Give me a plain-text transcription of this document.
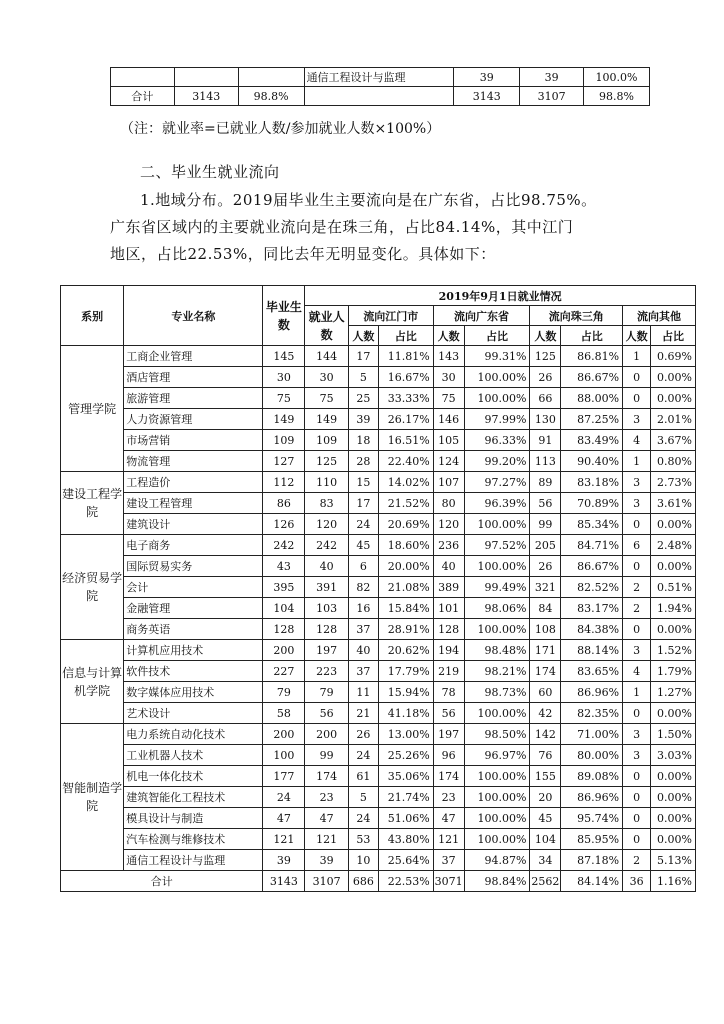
			通信工程设计与监理	39	39	100.0%
合计	3143	98.8%		3143	3107	98.8%
（注：就业率=已就业人数/参加就业人数×100%）
二、毕业生就业流向
1.地域分布。2019届毕业生主要流向是在广东省，占比98.75%。
广东省区域内的主要就业流向是在珠三角，占比84.14%，其中江门
地区，占比22.53%，同比去年无明显变化。具体如下：
系别	专业名称	毕业生数	2019年9月1日就业情况								
			就业人数	流向江门市		流向广东省		流向珠三角		流向其他	
				人数	占比	人数	占比	人数	占比	人数	占比
管理学院	工商企业管理	145	144	17	11.81%	143	99.31%	125	86.81%	1	0.69%
	酒店管理	30	30	5	16.67%	30	100.00%	26	86.67%	0	0.00%
	旅游管理	75	75	25	33.33%	75	100.00%	66	88.00%	0	0.00%
	人力资源管理	149	149	39	26.17%	146	97.99%	130	87.25%	3	2.01%
	市场营销	109	109	18	16.51%	105	96.33%	91	83.49%	4	3.67%
	物流管理	127	125	28	22.40%	124	99.20%	113	90.40%	1	0.80%
建设工程学院	工程造价	112	110	15	14.02%	107	97.27%	89	83.18%	3	2.73%
	建设工程管理	86	83	17	21.52%	80	96.39%	56	70.89%	3	3.61%
	建筑设计	126	120	24	20.69%	120	100.00%	99	85.34%	0	0.00%
经济贸易学院	电子商务	242	242	45	18.60%	236	97.52%	205	84.71%	6	2.48%
	国际贸易实务	43	40	6	20.00%	40	100.00%	26	86.67%	0	0.00%
	会计	395	391	82	21.08%	389	99.49%	321	82.52%	2	0.51%
	金融管理	104	103	16	15.84%	101	98.06%	84	83.17%	2	1.94%
	商务英语	128	128	37	28.91%	128	100.00%	108	84.38%	0	0.00%
信息与计算机学院	计算机应用技术	200	197	40	20.62%	194	98.48%	171	88.14%	3	1.52%
	软件技术	227	223	37	17.79%	219	98.21%	174	83.65%	4	1.79%
	数字媒体应用技术	79	79	11	15.94%	78	98.73%	60	86.96%	1	1.27%
	艺术设计	58	56	21	41.18%	56	100.00%	42	82.35%	0	0.00%
智能制造学院	电力系统自动化技术	200	200	26	13.00%	197	98.50%	142	71.00%	3	1.50%
	工业机器人技术	100	99	24	25.26%	96	96.97%	76	80.00%	3	3.03%
	机电一体化技术	177	174	61	35.06%	174	100.00%	155	89.08%	0	0.00%
	建筑智能化工程技术	24	23	5	21.74%	23	100.00%	20	86.96%	0	0.00%
	模具设计与制造	47	47	24	51.06%	47	100.00%	45	95.74%	0	0.00%
	汽车检测与维修技术	121	121	53	43.80%	121	100.00%	104	85.95%	0	0.00%
	通信工程设计与监理	39	39	10	25.64%	37	94.87%	34	87.18%	2	5.13%
合计		3143	3107	686	22.53%	3071	98.84%	2562	84.14%	36	1.16%
